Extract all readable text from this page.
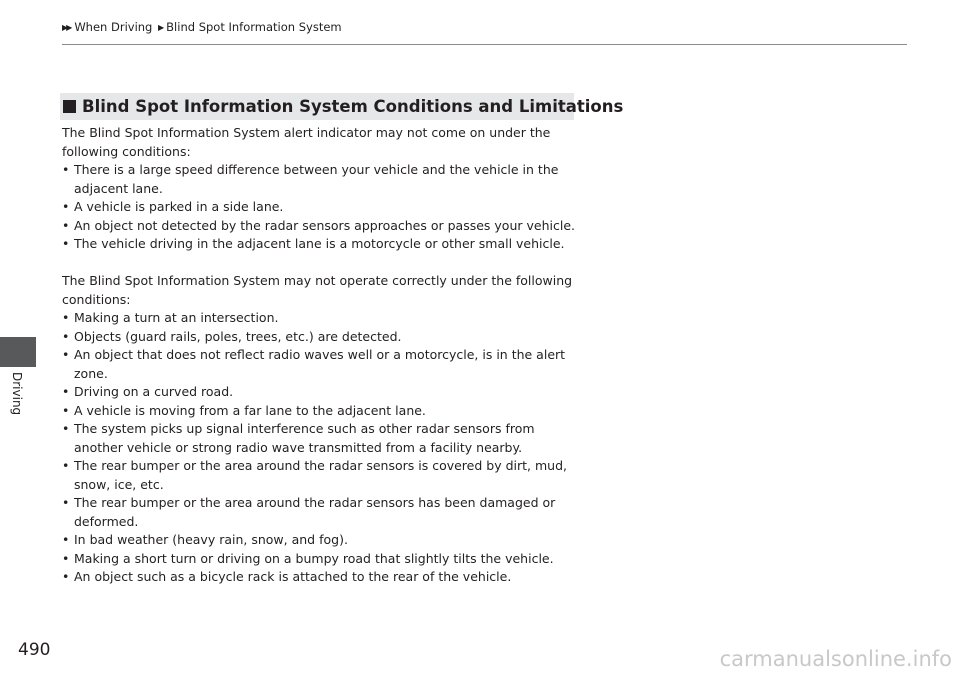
▶▶ When Driving ▶ Blind Spot Information System
Driving
Blind Spot Information System Conditions and Limitations

The Blind Spot Information System alert indicator may not come on under the following conditions:

• There is a large speed difference between your vehicle and the vehicle in the adjacent lane.
• A vehicle is parked in a side lane.
• An object not detected by the radar sensors approaches or passes your vehicle.
• The vehicle driving in the adjacent lane is a motorcycle or other small vehicle.

The Blind Spot Information System may not operate correctly under the following conditions:

• Making a turn at an intersection.
• Objects (guard rails, poles, trees, etc.) are detected.
• An object that does not reflect radio waves well or a motorcycle, is in the alert zone.
• Driving on a curved road.
• A vehicle is moving from a far lane to the adjacent lane.
• The system picks up signal interference such as other radar sensors from another vehicle or strong radio wave transmitted from a facility nearby.
• The rear bumper or the area around the radar sensors is covered by dirt, mud, snow, ice, etc.
• The rear bumper or the area around the radar sensors has been damaged or deformed.
• In bad weather (heavy rain, snow, and fog).
• Making a short turn or driving on a bumpy road that slightly tilts the vehicle.
• An object such as a bicycle rack is attached to the rear of the vehicle.
490	carmanualsonline.info
